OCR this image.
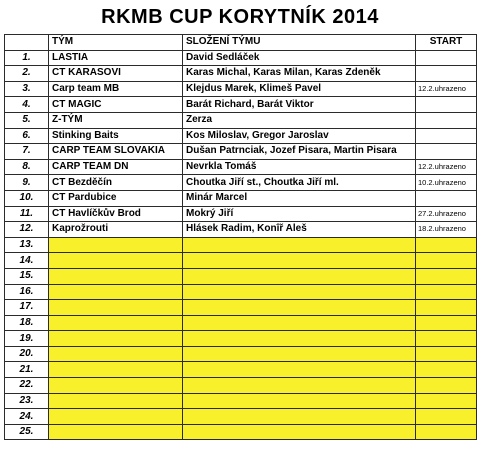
RKMB CUP KORYTNÍK 2014
	TÝM	SLOŽENÍ TÝMU	START
1.	LASTIA	David Sedláček	
2.	CT KARASOVI	Karas Michal, Karas Milan, Karas Zdeněk	
3.	Carp team MB	Klejdus Marek, Klimeš Pavel	12.2.uhrazeno
4.	CT MAGIC	Barát Richard, Barát Viktor	
5.	Z-TÝM	Zerza	
6.	Stinking Baits	Kos Miloslav, Gregor Jaroslav	
7.	CARP TEAM SLOVAKIA	Dušan Patrnciak, Jozef Pisara, Martin Pisara	
8.	CARP TEAM DN	Nevrkla Tomáš	12.2.uhrazeno
9.	CT Bezděčín	Choutka Jiří st., Choutka Jiří ml.	10.2.uhrazeno
10.	CT Pardubice	Minár Marcel	
11.	CT Havlíčkův Brod	Mokrý Jiří	27.2.uhrazeno
12.	Kaprožrouti	Hlásek Radim, Konîř Aleš	18.2.uhrazeno
13.			
14.			
15.			
16.			
17.			
18.			
19.			
20.			
21.			
22.			
23.			
24.			
25.			
